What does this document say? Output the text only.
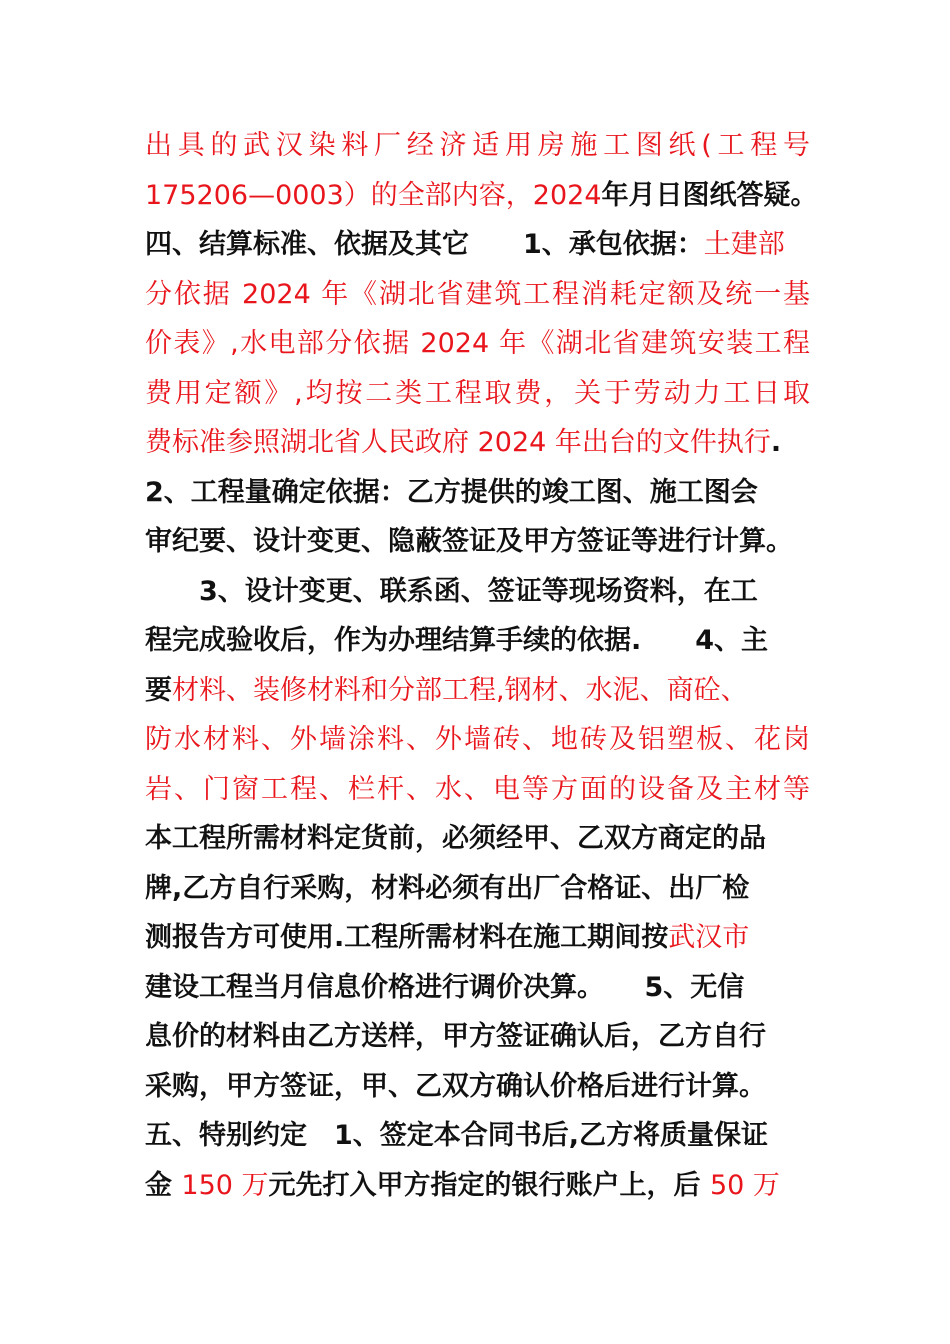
出具的武汉染料厂经济适用房施工图纸(工程号
175206—0003）的全部内容，2024年月日图纸答疑。
四、结算标准、依据及其它　　1、承包依据：土建部
分依据 2024 年《湖北省建筑工程消耗定额及统一基
价表》,水电部分依据 2024 年《湖北省建筑安装工程
费用定额》,均按二类工程取费，关于劳动力工日取
费标准参照湖北省人民政府 2024 年出台的文件执行.
2、工程量确定依据：乙方提供的竣工图、施工图会
审纪要、设计变更、隐蔽签证及甲方签证等进行计算。
　　3、设计变更、联系函、签证等现场资料，在工
程完成验收后，作为办理结算手续的依据.　　4、主
要材料、装修材料和分部工程,钢材、水泥、商砼、
防水材料、外墙涂料、外墙砖、地砖及铝塑板、花岗
岩、门窗工程、栏杆、水、电等方面的设备及主材等
本工程所需材料定货前，必须经甲、乙双方商定的品
牌,乙方自行采购，材料必须有出厂合格证、出厂检
测报告方可使用.工程所需材料在施工期间按武汉市
建设工程当月信息价格进行调价决算。　　5、无信
息价的材料由乙方送样，甲方签证确认后，乙方自行
采购，甲方签证，甲、乙双方确认价格后进行计算。
五、特别约定　1、签定本合同书后,乙方将质量保证
金 150 万元先打入甲方指定的银行账户上，后 50 万
